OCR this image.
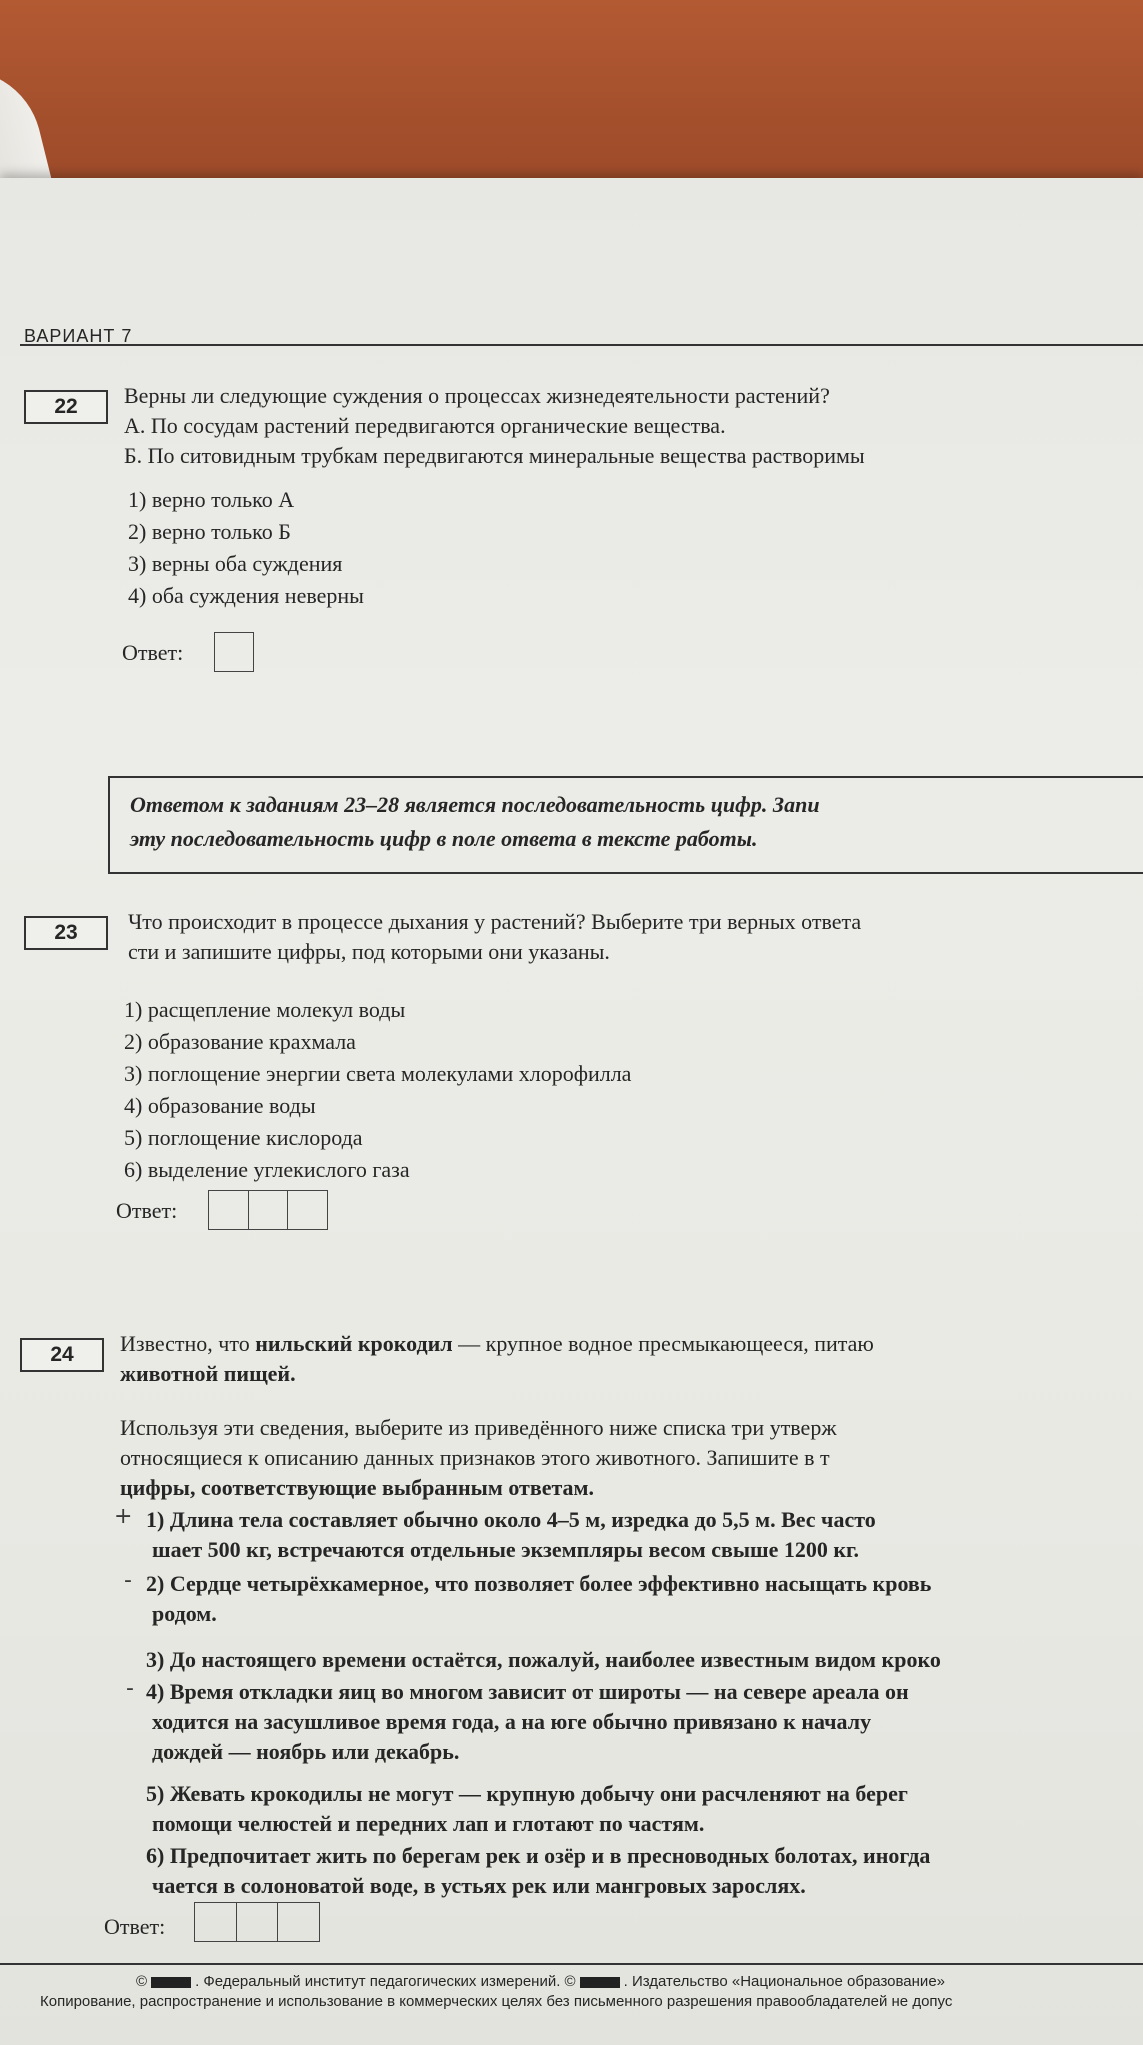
ВАРИАНТ 7
22	Верны ли следующие суждения о процессах жизнедеятельности растений?
А. По сосудам растений передвигаются органические вещества.
Б. По ситовидным трубкам передвигаются минеральные вещества растворимы
1) верно только А
2) верно только Б
3) верны оба суждения
4) оба суждения неверны
Ответ:
Ответом к заданиям 23–28 является последовательность цифр. Запи
эту последовательность цифр в поле ответа в тексте работы.
23	Что происходит в процессе дыхания у растений? Выберите три верных ответа
сти и запишите цифры, под которыми они указаны.
1) расщепление молекул воды
2) образование крахмала
3) поглощение энергии света молекулами хлорофилла
4) образование воды
5) поглощение кислорода
6) выделение углекислого газа
Ответ:
24	Известно, что нильский крокодил — крупное водное пресмыкающееся, питаю
животной пищей.
Используя эти сведения, выберите из приведённого ниже списка три утверж
относящиеся к описанию данных признаков этого животного. Запишите в т
цифры, соответствующие выбранным ответам.
+ 1) Длина тела составляет обычно около 4–5 м, изредка до 5,5 м. Вес часто
шает 500 кг, встречаются отдельные экземпляры весом свыше 1200 кг.
- 2) Сердце четырёхкамерное, что позволяет более эффективно насыщать кровь
родом.
3) До настоящего времени остаётся, пожалуй, наиболее известным видом кроко
- 4) Время откладки яиц во многом зависит от широты — на севере ареала он
ходится на засушливое время года, а на юге обычно привязано к началу
дождей — ноябрь или декабрь.
5) Жевать крокодилы не могут — крупную добычу они расчленяют на берег
помощи челюстей и передних лап и глотают по частям.
6) Предпочитает жить по берегам рек и озёр и в пресноводных болотах, иногда
чается в солоноватой воде, в устьях рек или мангровых зарослях.
Ответ:
©	. Федеральный институт педагогических измерений. ©	. Издательство «Национальное образование»
Копирование, распространение и использование в коммерческих целях без письменного разрешения правообладателей не допус
